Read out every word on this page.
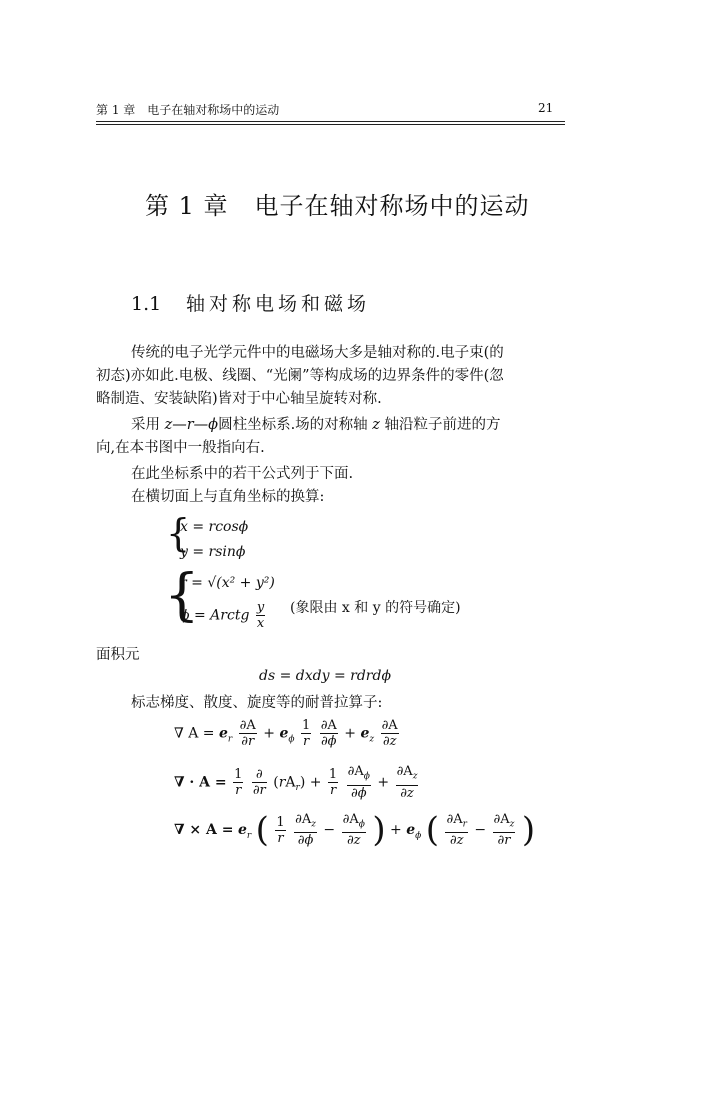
第 1 章　电子在轴对称场中的运动	21
第 1 章 电子在轴对称场中的运动
1.1 轴对称电场和磁场
传统的电子光学元件中的电磁场大多是轴对称的.电子束(的
初态)亦如此.电极、线圈、“光阑”等构成场的边界条件的零件(忽
略制造、安装缺陷)皆对于中心轴呈旋转对称.
采用 z—r—ϕ圆柱坐标系.场的对称轴 z 轴沿粒子前进的方
向,在本书图中一般指向右.
在此坐标系中的若干公式列于下面.
在横切面上与直角坐标的换算:
{
x = rcosϕ
y = rsinϕ
{
r = √(x² + y²)
ϕ = Arctg $\frac{y}{x}$ (象限由 x 和 y 的符号确定)
面积元
ds = dxdy = rdrdϕ
标志梯度、散度、旋度等的耐普拉算子:
∇ $A = e_r \frac{\partial A}{\partial r} + e_\phi \frac{1}{r}$
$\frac{\partial A}{\partial\phi} + e_z \frac{\partial A}{\partial z}$
∇ · $A = \frac{1}{r}$
$\frac{\partial}{\partial r} (rA_r) + \frac{1}{r}$
$\frac{\partial A_\phi}{\partial\phi} + \frac{\partial A_z}{\partial z}$
∇ × $A = e_r$ ( $\frac{1}{r}$
$\frac{\partial A_z}{\partial\phi} - \frac{\partial A_\phi}{\partial z}$ ) + $e_\phi$ ( $\frac{\partial A_r}{\partial z} - \frac{\partial A_z}{\partial r}$ )
